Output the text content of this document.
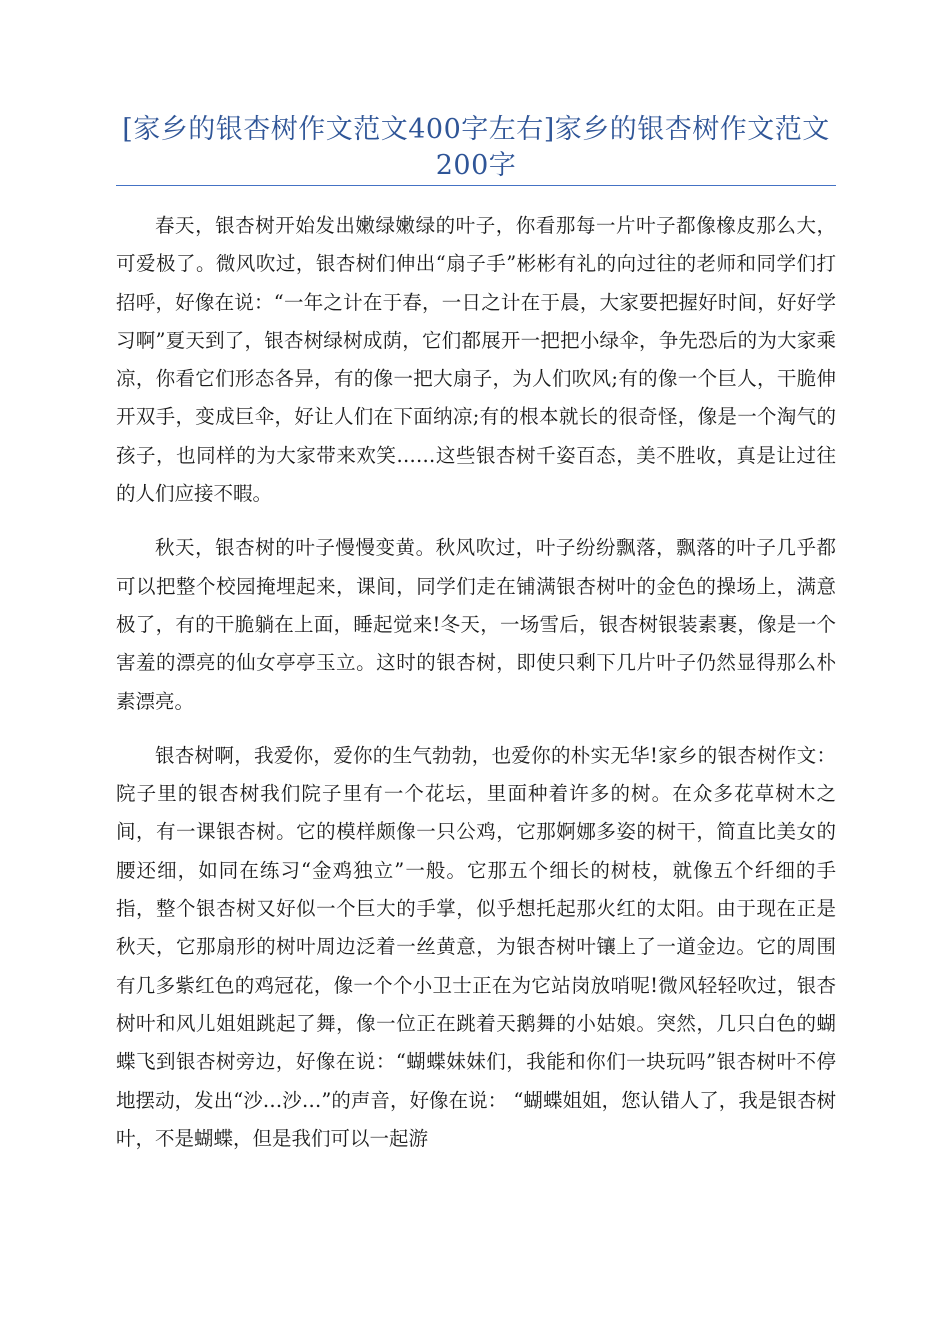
[家乡的银杏树作文范文400字左右]家乡的银杏树作文范文200字

春天，银杏树开始发出嫩绿嫩绿的叶子，你看那每一片叶子都像橡皮那么大，可爱极了。微风吹过，银杏树们伸出“扇子手”彬彬有礼的向过往的老师和同学们打招呼，好像在说：“一年之计在于春，一日之计在于晨，大家要把握好时间，好好学习啊”夏天到了，银杏树绿树成荫，它们都展开一把把小绿伞，争先恐后的为大家乘凉，你看它们形态各异，有的像一把大扇子，为人们吹风;有的像一个巨人，干脆伸开双手，变成巨伞，好让人们在下面纳凉;有的根本就长的很奇怪，像是一个淘气的孩子，也同样的为大家带来欢笑……这些银杏树千姿百态，美不胜收，真是让过往的人们应接不暇。

秋天，银杏树的叶子慢慢变黄。秋风吹过，叶子纷纷飘落，飘落的叶子几乎都可以把整个校园掩埋起来，课间，同学们走在铺满银杏树叶的金色的操场上，满意极了，有的干脆躺在上面，睡起觉来!冬天，一场雪后，银杏树银装素裹，像是一个害羞的漂亮的仙女亭亭玉立。这时的银杏树，即使只剩下几片叶子仍然显得那么朴素漂亮。

银杏树啊，我爱你，爱你的生气勃勃，也爱你的朴实无华!家乡的银杏树作文：院子里的银杏树我们院子里有一个花坛，里面种着许多的树。在众多花草树木之间，有一课银杏树。它的模样颇像一只公鸡，它那婀娜多姿的树干，简直比美女的腰还细，如同在练习“金鸡独立”一般。它那五个细长的树枝，就像五个纤细的手指，整个银杏树又好似一个巨大的手掌，似乎想托起那火红的太阳。由于现在正是秋天，它那扇形的树叶周边泛着一丝黄意，为银杏树叶镶上了一道金边。它的周围有几多紫红色的鸡冠花，像一个个小卫士正在为它站岗放哨呢!微风轻轻吹过，银杏树叶和风儿姐姐跳起了舞，像一位正在跳着天鹅舞的小姑娘。突然，几只白色的蝴蝶飞到银杏树旁边，好像在说：“蝴蝶妹妹们，我能和你们一块玩吗”银杏树叶不停地摆动，发出“沙…沙…”的声音，好像在说： “蝴蝶姐姐，您认错人了，我是银杏树叶，不是蝴蝶，但是我们可以一起游
